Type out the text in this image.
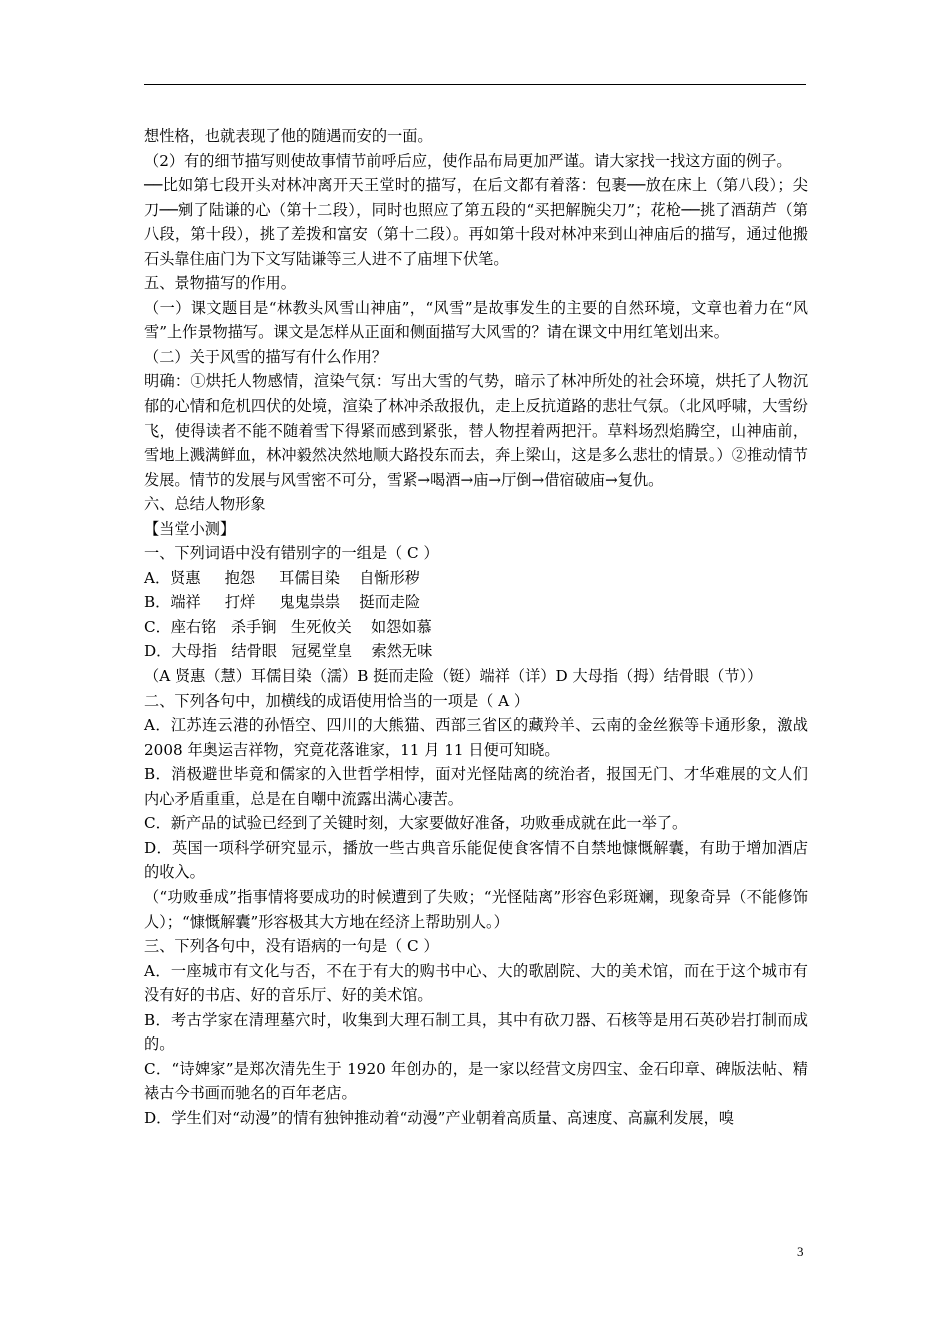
想性格，也就表现了他的随遇而安的一面。

（2）有的细节描写则使故事情节前呼后应，使作品布局更加严谨。请大家找一找这方面的例子。

──比如第七段开头对林冲离开天王堂时的描写，在后文都有着落：包裹──放在床上（第八段）；尖刀──剜了陆谦的心（第十二段），同时也照应了第五段的“买把解腕尖刀”；花枪──挑了酒葫芦（第八段，第十段），挑了差拨和富安（第十二段）。再如第十段对林冲来到山神庙后的描写，通过他搬石头靠住庙门为下文写陆谦等三人进不了庙埋下伏笔。

五、景物描写的作用。

（一）课文题目是“林教头风雪山神庙”，“风雪”是故事发生的主要的自然环境，文章也着力在“风雪”上作景物描写。课文是怎样从正面和侧面描写大风雪的？请在课文中用红笔划出来。

（二）关于风雪的描写有什么作用？

明确：①烘托人物感情，渲染气氛：写出大雪的气势，暗示了林冲所处的社会环境，烘托了人物沉郁的心情和危机四伏的处境，渲染了林冲杀敌报仇，走上反抗道路的悲壮气氛。（北风呼啸，大雪纷飞，使得读者不能不随着雪下得紧而感到紧张，替人物捏着两把汗。草料场烈焰腾空，山神庙前，雪地上溅满鲜血，林冲毅然决然地顺大路投东而去，奔上梁山，这是多么悲壮的情景。）②推动情节发展。情节的发展与风雪密不可分，雪紧→喝酒→庙→厅倒→借宿破庙→复仇。

六、总结人物形象

【当堂小测】

一、下列词语中没有错别字的一组是（ C ）

A．贤惠     抱怨     耳儒目染    自惭形秽

B．端祥     打烊     鬼鬼祟祟    挺而走险

C．座右铭   杀手锏   生死攸关    如怨如慕

D．大母指   结骨眼   冠冕堂皇    索然无味

（A 贤惠（慧）耳儒目染（濡）B 挺而走险（铤）端祥（详）D 大母指（拇）结骨眼（节））

二、下列各句中，加横线的成语使用恰当的一项是（ A ）

A．江苏连云港的孙悟空、四川的大熊猫、西部三省区的藏羚羊、云南的金丝猴等卡通形象，激战 2008 年奥运吉祥物，究竟花落谁家，11 月 11 日便可知晓。

B．消极避世毕竟和儒家的入世哲学相悖，面对光怪陆离的统治者，报国无门、才华难展的文人们内心矛盾重重，总是在自嘲中流露出满心凄苦。

C．新产品的试验已经到了关键时刻，大家要做好准备，功败垂成就在此一举了。

D．英国一项科学研究显示，播放一些古典音乐能促使食客情不自禁地慷慨解囊，有助于增加酒店的收入。

（“功败垂成”指事情将要成功的时候遭到了失败；“光怪陆离”形容色彩斑斓，现象奇异（不能修饰人）；“慷慨解囊”形容极其大方地在经济上帮助别人。）

三、下列各句中，没有语病的一句是（ C ）

A．一座城市有文化与否，不在于有大的购书中心、大的歌剧院、大的美术馆，而在于这个城市有没有好的书店、好的音乐厅、好的美术馆。

B．考古学家在清理墓穴时，收集到大理石制工具，其中有砍刀器、石核等是用石英砂岩打制而成的。

C．“诗婢家”是郑次清先生于 1920 年创办的，是一家以经营文房四宝、金石印章、碑版法帖、精裱古今书画而驰名的百年老店。

D．学生们对“动漫”的情有独钟推动着“动漫”产业朝着高质量、高速度、高赢利发展，嗅

3
